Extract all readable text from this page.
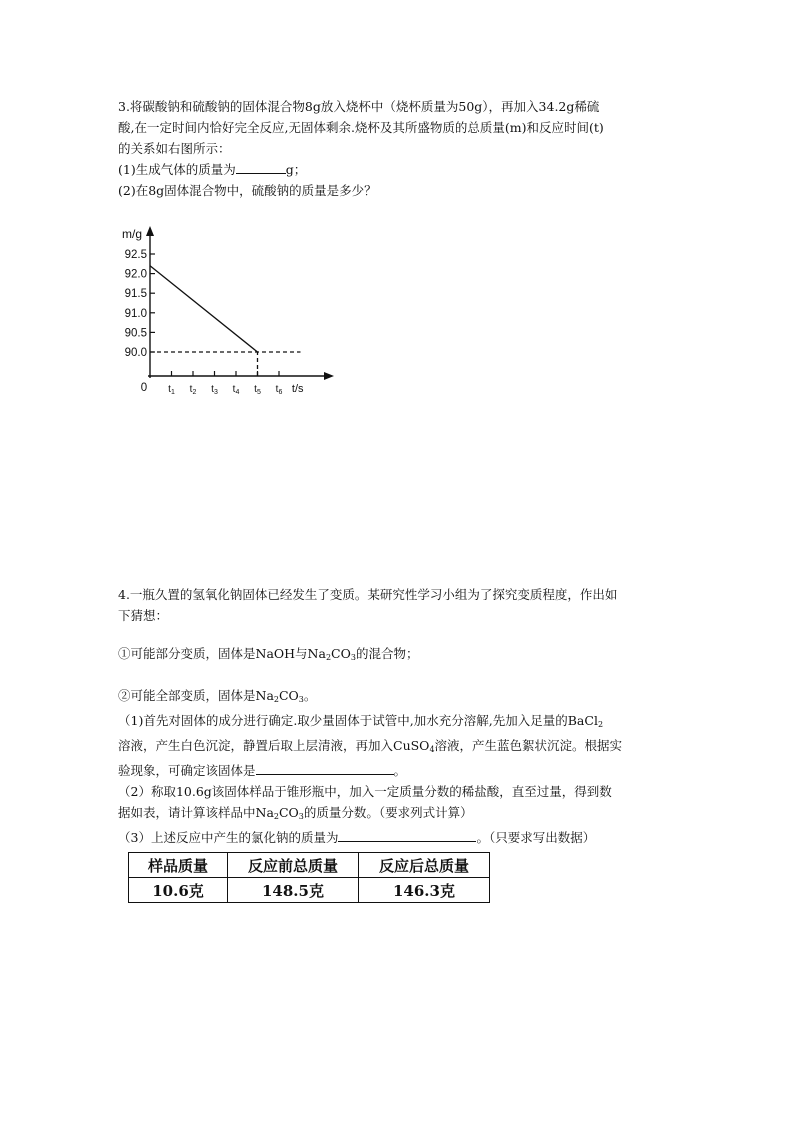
3.将碳酸钠和硫酸钠的固体混合物8g放入烧杯中（烧杯质量为50g），再加入34.2g稀硫
酸,在一定时间内恰好完全反应,无固体剩余.烧杯及其所盛物质的总质量(m)和反应时间(t)
的关系如右图所示：
(1)生成气体的质量为	g；
(2)在8g固体混合物中，硫酸钠的质量是多少？
92.5
92.0
91.5
91.0
90.5
90.0
$t_1$ $t_2$ $t_3$ $t_4$ $t_5$ $t_6$
0
m/g
t/s
4.一瓶久置的氢氧化钠固体已经发生了变质。某研究性学习小组为了探究变质程度，作出如
下猜想：
①可能部分变质，固体是NaOH与$Na_2CO_3$的混合物；
②可能全部变质，固体是$Na_2CO_3$。
（1)首先对固体的成分进行确定.取少量固体于试管中,加水充分溶解,先加入足量的BaCl$_2$
溶液，产生白色沉淀，静置后取上层清液，再加入CuSO$_4$溶液，产生蓝色絮状沉淀。根据实
验现象，可确定该固体是	。
（2）称取10.6g该固体样品于锥形瓶中，加入一定质量分数的稀盐酸，直至过量，得到数
据如表，请计算该样品中$Na_2CO_3$的质量分数。（要求列式计算）
（3）上述反应中产生的氯化钠的质量为	。（只要求写出数据）
样品质量	反应前总质量	反应后总质量
10.6克	148.5克	146.3克
